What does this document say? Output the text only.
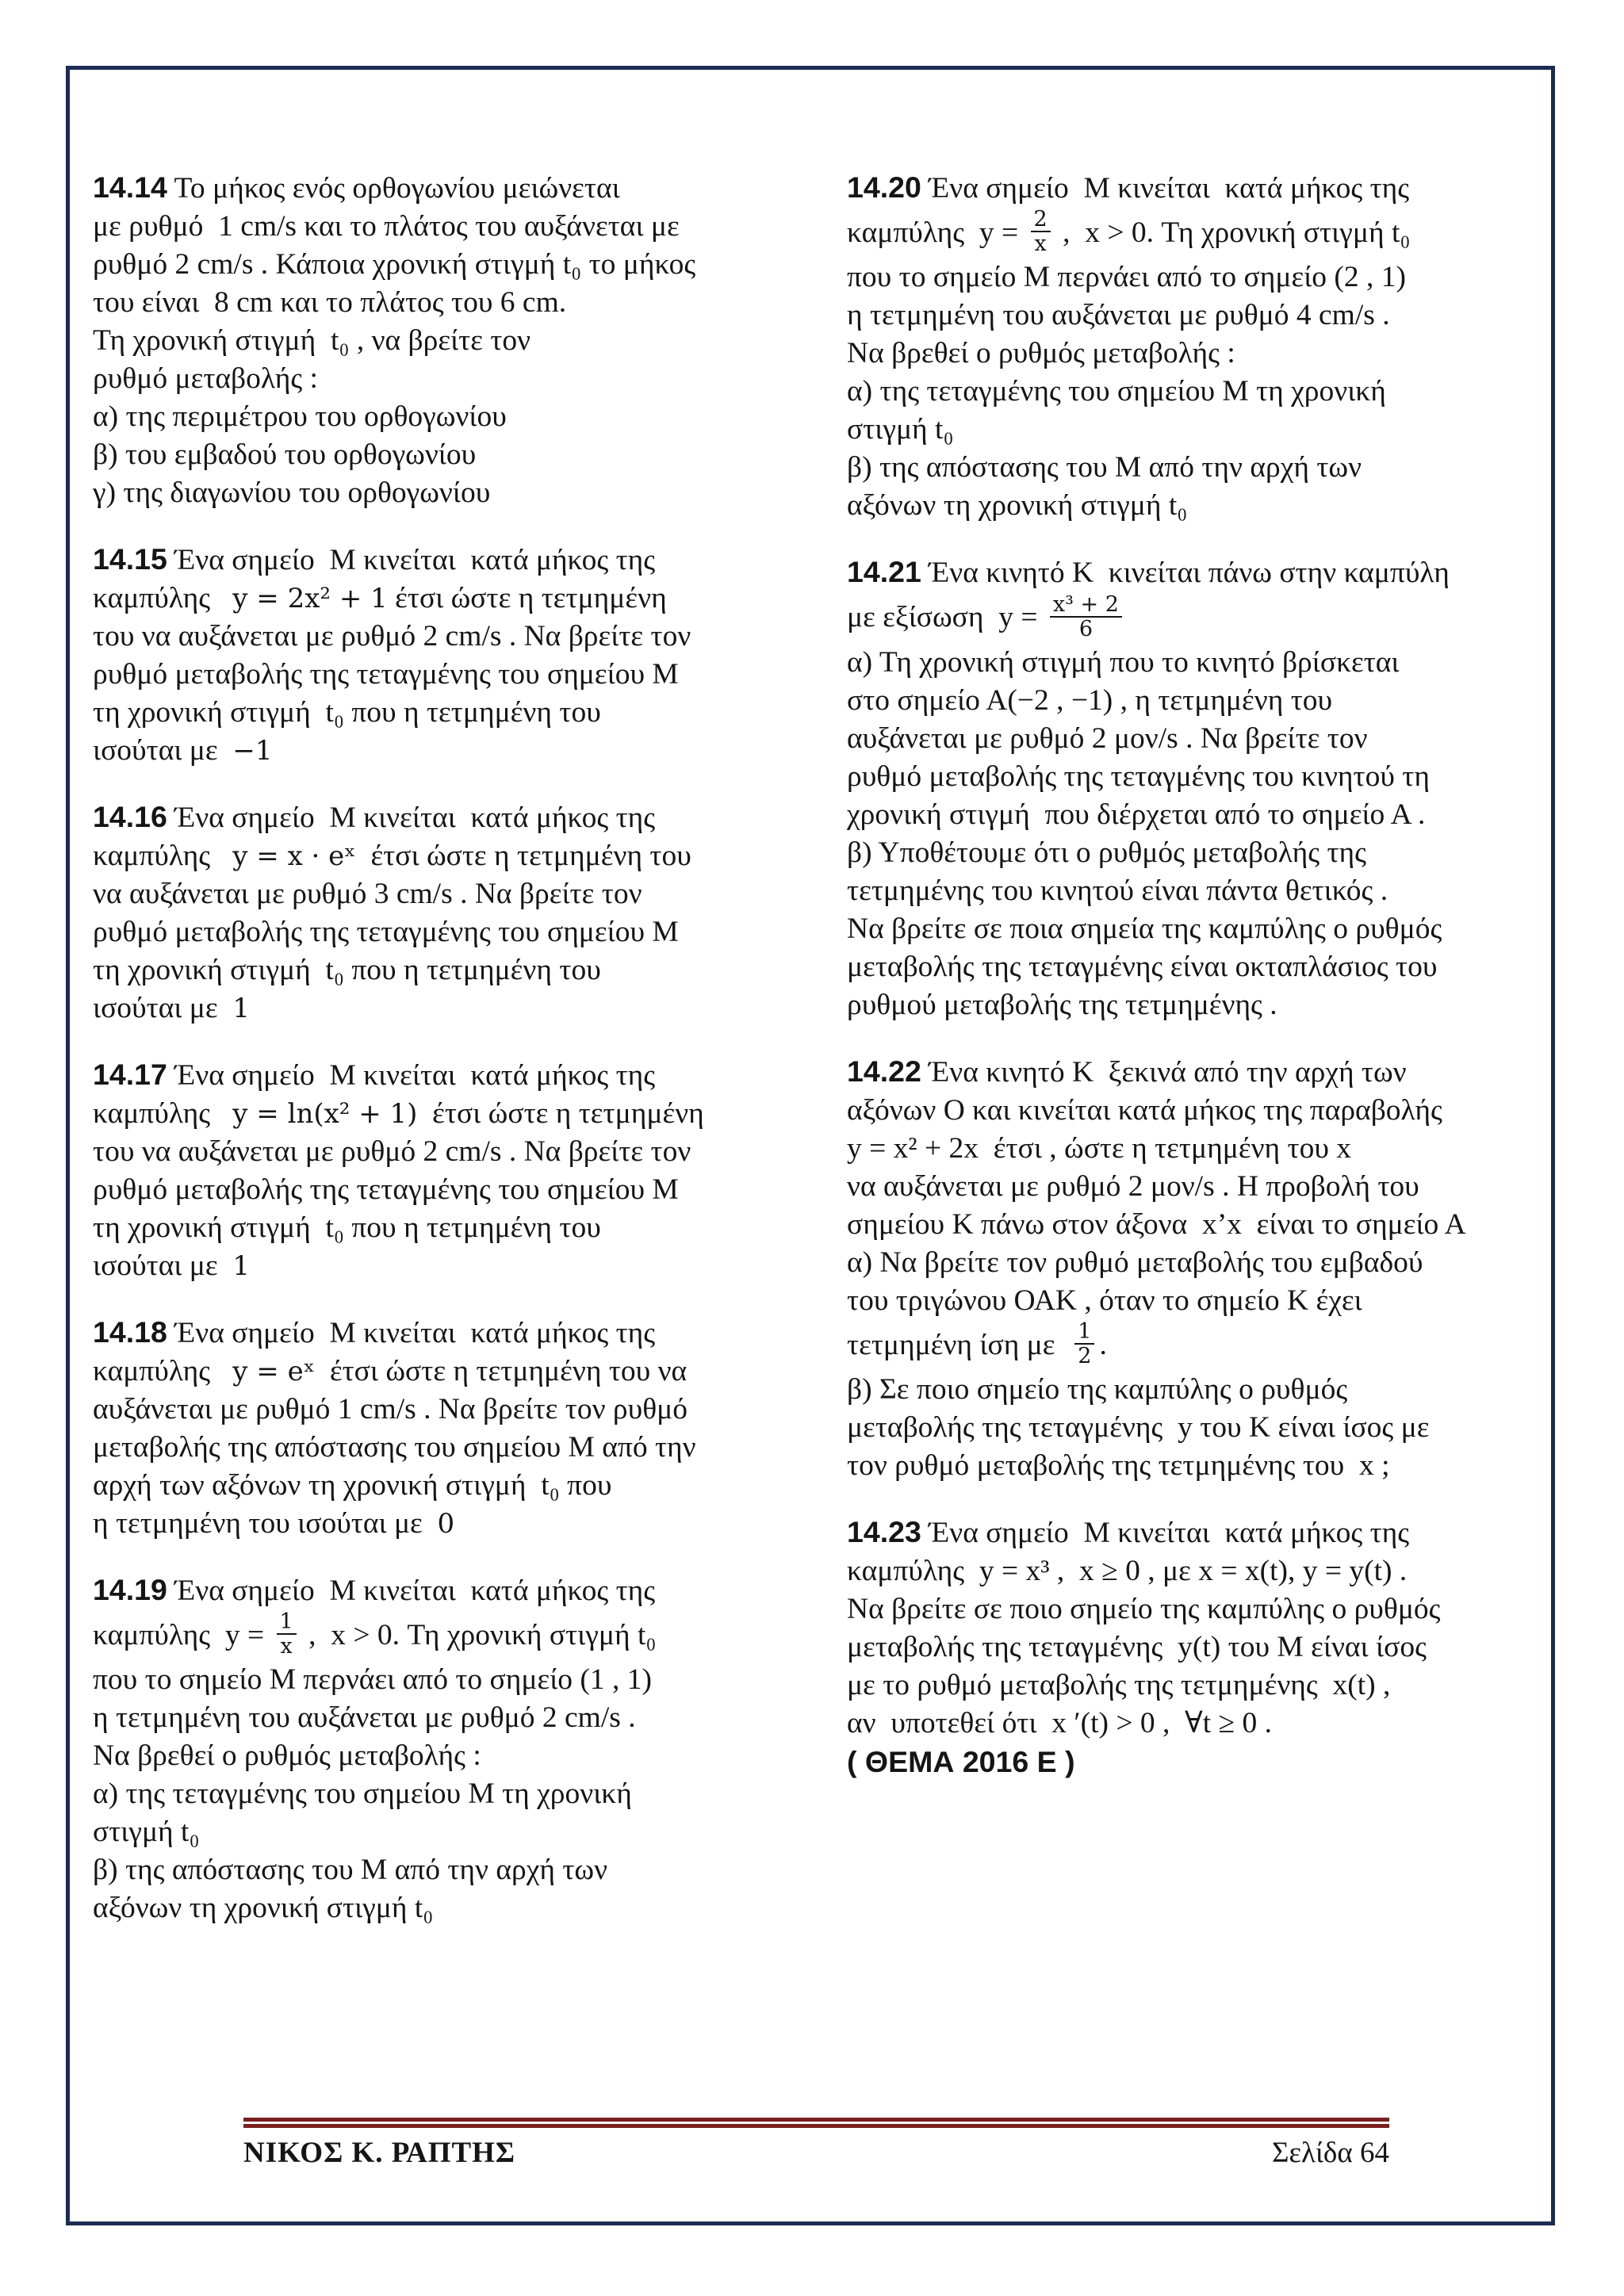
14.14 Το μήκος ενός ορθογωνίου μειώνεται
με ρυθμό  1 cm/s και το πλάτος του αυξάνεται με
ρυθμό 2 cm/s . Κάποια χρονική στιγμή t₀ το μήκος
του είναι  8 cm και το πλάτος του 6 cm.
Τη χρονική στιγμή  t₀ , να βρείτε τον
ρυθμό μεταβολής :
α) της περιμέτρου του ορθογωνίου
β) του εμβαδού του ορθογωνίου
γ) της διαγωνίου του ορθογωνίου
14.15 Ένα σημείο  Μ κινείται  κατά μήκος της
καμπύλης   y = 2x² + 1 έτσι ώστε η τετμημένη
του να αυξάνεται με ρυθμό 2 cm/s . Να βρείτε τον
ρυθμό μεταβολής της τεταγμένης του σημείου Μ
τη χρονική στιγμή  t₀ που η τετμημένη του
ισούται με  −1
14.16 Ένα σημείο  Μ κινείται  κατά μήκος της
καμπύλης   y = x · eˣ  έτσι ώστε η τετμημένη του
να αυξάνεται με ρυθμό 3 cm/s . Να βρείτε τον
ρυθμό μεταβολής της τεταγμένης του σημείου Μ
τη χρονική στιγμή  t₀ που η τετμημένη του
ισούται με  1
14.17 Ένα σημείο  Μ κινείται  κατά μήκος της
καμπύλης   y = ln(x² + 1)  έτσι ώστε η τετμημένη
του να αυξάνεται με ρυθμό 2 cm/s . Να βρείτε τον
ρυθμό μεταβολής της τεταγμένης του σημείου Μ
τη χρονική στιγμή  t₀ που η τετμημένη του
ισούται με  1
14.18 Ένα σημείο  Μ κινείται  κατά μήκος της
καμπύλης   y = eˣ  έτσι ώστε η τετμημένη του να
αυξάνεται με ρυθμό 1 cm/s . Να βρείτε τον ρυθμό
μεταβολής της απόστασης του σημείου Μ από την
αρχή των αξόνων τη χρονική στιγμή  t₀ που
η τετμημένη του ισούται με  0
14.19 Ένα σημείο  Μ κινείται  κατά μήκος της
καμπύλης  $y = \frac{1}{x}$ ,  x > 0. Τη χρονική στιγμή t₀
που το σημείο Μ περνάει από το σημείο (1 , 1)
η τετμημένη του αυξάνεται με ρυθμό 2 cm/s .
Να βρεθεί ο ρυθμός μεταβολής :
α) της τεταγμένης του σημείου Μ τη χρονική
στιγμή t₀
β) της απόστασης του Μ από την αρχή των
αξόνων τη χρονική στιγμή t₀
14.20 Ένα σημείο  Μ κινείται  κατά μήκος της
καμπύλης  $y = \frac{2}{x}$ ,  x > 0. Τη χρονική στιγμή t₀
που το σημείο Μ περνάει από το σημείο (2 , 1)
η τετμημένη του αυξάνεται με ρυθμό 4 cm/s .
Να βρεθεί ο ρυθμός μεταβολής :
α) της τεταγμένης του σημείου Μ τη χρονική
στιγμή t₀
β) της απόστασης του Μ από την αρχή των
αξόνων τη χρονική στιγμή t₀
14.21 Ένα κινητό Κ  κινείται πάνω στην καμπύλη
με εξίσωση  $y = \frac{\text{x³ + 2}}{6}$
α) Τη χρονική στιγμή που το κινητό βρίσκεται
στο σημείο Α(−2 , −1) , η τετμημένη του
αυξάνεται με ρυθμό 2 μον/s . Να βρείτε τον
ρυθμό μεταβολής της τεταγμένης του κινητού τη
χρονική στιγμή  που διέρχεται από το σημείο Α .
β) Υποθέτουμε ότι ο ρυθμός μεταβολής της
τετμημένης του κινητού είναι πάντα θετικός .
Να βρείτε σε ποια σημεία της καμπύλης ο ρυθμός
μεταβολής της τεταγμένης είναι οκταπλάσιος του
ρυθμού μεταβολής της τετμημένης .
14.22 Ένα κινητό Κ  ξεκινά από την αρχή των
αξόνων Ο και κινείται κατά μήκος της παραβολής
y = x² + 2x  έτσι , ώστε η τετμημένη του x
να αυξάνεται με ρυθμό 2 μον/s . Η προβολή του
σημείου Κ πάνω στον άξονα  x’x  είναι το σημείο Α
α) Να βρείτε τον ρυθμό μεταβολής του εμβαδού
του τριγώνου ΟΑΚ , όταν το σημείο Κ έχει
τετμημένη ίση με $\frac{1}{2}$ .
β) Σε ποιο σημείο της καμπύλης ο ρυθμός
μεταβολής της τεταγμένης  y του Κ είναι ίσος με
τον ρυθμό μεταβολής της τετμημένης του  x ;
14.23 Ένα σημείο  Μ κινείται  κατά μήκος της
καμπύλης  y = x³ ,  x ≥ 0 , με x = x(t), y = y(t) .
Να βρείτε σε ποιο σημείο της καμπύλης ο ρυθμός
μεταβολής της τεταγμένης  y(t) του Μ είναι ίσος
με το ρυθμό μεταβολής της τετμημένης  x(t) ,
αν  υποτεθεί ότι  x ′(t) > 0 ,  ∀t ≥ 0 .
( ΘΕΜΑ 2016 Ε )
ΝΙΚΟΣ Κ. ΡΑΠΤΗΣ	Σελίδα 64
